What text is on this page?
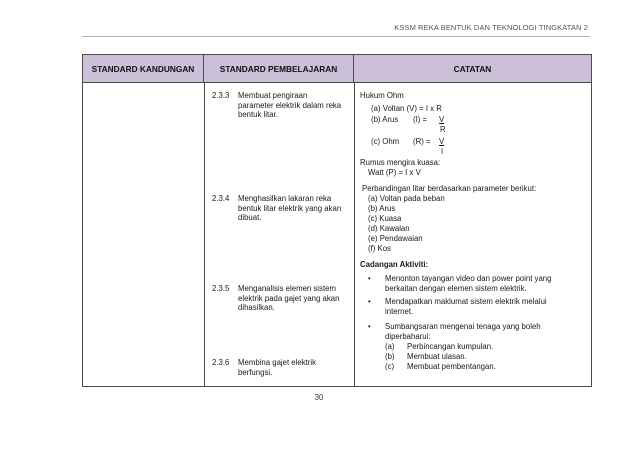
KSSM REKA BENTUK DAN TEKNOLOGI TINGKATAN 2
STANDARD KANDUNGAN	STANDARD PEMBELAJARAN	CATATAN
2.3.3 Membuat pengiraan
parameter elektrik dalam reka
bentuk litar.
2.3.4 Menghasilkan lakaran reka
bentuk litar elektrik yang akan
dibuat.
2.3.5 Menganalisis elemen sistem
elektrik pada gajet yang akan
dihasilkan.
2.3.6 Membina gajet elektrik
berfungsi.
Hukum Ohm
(a) Voltan (V) = I x R
(b) Arus (I) = V
R
(c) Ohm (R) = V
I
Rumus mengira kuasa:
Watt (P) = I x V
Perbandingan litar berdasarkan parameter berikut:
(a) Voltan pada beban
(b) Arus
(c) Kuasa
(d) Kawalan
(e) Pendawaian
(f) Kos
Cadangan Aktiviti:
• Menonton tayangan video dan power point yang
berkaitan dengan elemen sistem elektrik.
• Mendapatkan maklumat sistem elektrik melalui
internet.
• Sumbangsaran mengenai tenaga yang boleh
diperbaharui:
(a) Perbincangan kumpulan.
(b) Membuat ulasan.
(c) Membuat pembentangan.
30
